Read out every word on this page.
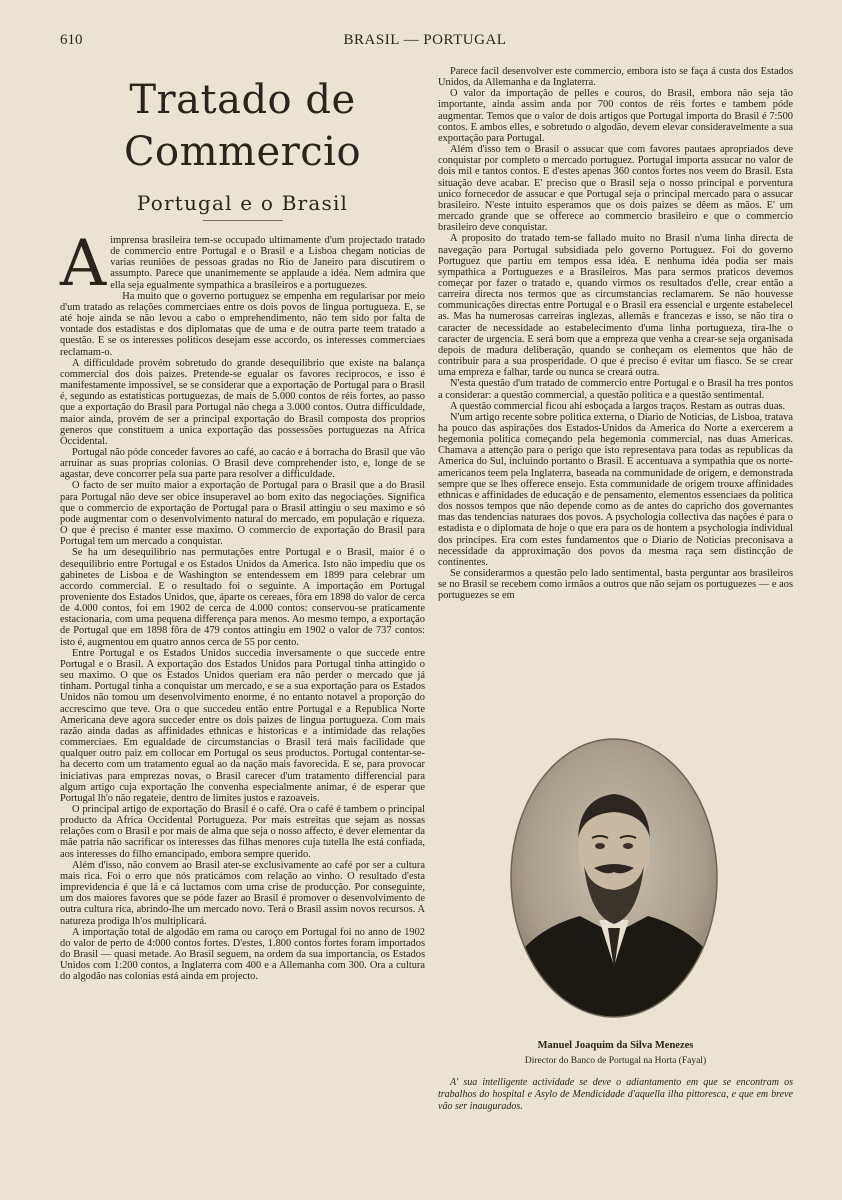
610	BRASIL — PORTUGAL
Tratado de Commercio
Portugal e o Brasil

Aimprensa brasileira tem-se occupado ultimamente d'um projectado tratado de commercio entre Portugal e o Brasil e a Lisboa chegam noticias de varias reuniões de pessoas gradas no Rio de Janeiro para discutirem o assumpto. Parece que unanimemente se applaude a idéa. Nem admira que ella seja egualmente sympathica a brasileiros e a portuguezes.

Ha muito que o governo portuguez se empenha em regularisar por meio d'um tratado as relações commerciaes entre os dois povos de lingua portugueza. E, se até hoje ainda se não levou a cabo o emprehendimento, não tem sido por falta de vontade dos estadistas e dos diplomatas que de uma e de outra parte teem tratado a questão. E se os interesses politicos desejam esse accordo, os interesses commerciaes reclamam-o.

A difficuldade provém sobretudo do grande desequilibrio que existe na balança commercial dos dois paizes. Pretende-se egualar os favores reciprocos, e isso é manifestamente impossivel, se se considerar que a exportação de Portugal para o Brasil é, segundo as estatisticas portuguezas, de mais de 5.000 contos de réis fortes, ao passo que a exportação do Brasil para Portugal não chega a 3.000 contos. Outra difficuldade, maior ainda, provém de ser a principal exportação do Brasil composta dos proprios generos que constituem a unica exportação das possessões portuguezas na Africa Occidental.

Portugal não póde conceder favores ao café, ao cacáo e á borracha do Brasil que vão arruinar as suas proprias colonias. O Brasil deve comprehender isto, e, longe de se agastar, deve concorrer pela sua parte para resolver a difficuldade.

O facto de ser muito maior a exportação de Portugal para o Brasil que a do Brasil para Portugal não deve ser obice insuperavel ao bom exito das negociações. Significa que o commercio de exportação de Portugal para o Brasil attingiu o seu maximo e só pode augmentar com o desenvolvimento natural do mercado, em população e riqueza. O que é preciso é manter esse maximo. O commercio de exportação do Brasil para Portugal tem um mercado a conquistar.

Se ha um desequilibrio nas permutações entre Portugal e o Brasil, maior é o desequilibrio entre Portugal e os Estados Unidos da America. Isto não impediu que os gabinetes de Lisboa e de Washington se entendessem em 1899 para celebrar um accordo commercial. E o resultado foi o seguinte. A importação em Portugal proveniente dos Estados Unidos, que, áparte os cereaes, fôra em 1898 do valor de cerca de 4.000 contos, foi em 1902 de cerca de 4.000 contos: conservou-se praticamente estacionaria, com uma pequena differença para menos. Ao mesmo tempo, a exportação de Portugal que em 1898 fôra de 479 contos attingiu em 1902 o valor de 737 contos: isto é, augmentou em quatro annos cerca de 55 por cento.

Entre Portugal e os Estados Unidos succedia inversamente o que succede entre Portugal e o Brasil. A exportação dos Estados Unidos para Portugal tinha attingido o seu maximo. O que os Estados Unidos queriam era não perder o mercado que já tinham. Portugal tinha a conquistar um mercado, e se a sua exportação para os Estados Unidos não tomou um desenvolvimento enorme, é no entanto notavel a proporção do accrescimo que teve. Ora o que succedeu então entre Portugal e a Republica Norte Americana deve agora succeder entre os dois paizes de lingua portugueza. Com mais razão ainda dadas as affinidades ethnicas e historicas e a intimidade das relações commerciaes. Em egualdade de circumstancias o Brasil terá mais facilidade que qualquer outro paiz em collocar em Portugal os seus productos. Portugal contentar-se-ha decerto com um tratamento egual ao da nação mais favorecida. E se, para provocar iniciativas para emprezas novas, o Brasil carecer d'um tratamento differencial para algum artigo cuja exportação lhe convenha especialmente animar, é de esperar que Portugal lh'o não regateie, dentro de limites justos e razoaveis.

O principal artigo de exportação do Brasil é o café. Ora o café é tambem o principal producto da Africa Occidental Portugueza. Por mais estreitas que sejam as nossas relações com o Brasil e por mais de alma que seja o nosso affecto, é dever elementar da mãe patria não sacrificar os interesses das filhas menores cuja tutella lhe está confiada, aos interesses do filho emancipado, embora sempre querido.

Além d'isso, não convem ao Brasil ater-se exclusivamente ao café por ser a cultura mais rica. Foi o erro que nós praticámos com relação ao vinho. O resultado d'esta imprevidencia é que lá e cá luctamos com uma crise de producção. Por conseguinte, um dos maiores favores que se póde fazer ao Brasil é promover o desenvolvimento de outra cultura rica, abrindo-lhe um mercado novo. Terá o Brasil assim novos recursos. A natureza prodiga lh'os multiplicará.

A importação total de algodão em rama ou caroço em Portugal foi no anno de 1902 do valor de perto de 4:000 contos fortes. D'estes, 1.800 contos fortes foram importados do Brasil — quasi metade. Ao Brasil seguem, na ordem da sua importancia, os Estados Unidos com 1:200 contos, a Inglaterra com 400 e a Allemanha com 300. Ora a cultura do algodão nas colonias está ainda em projecto.

Parece facil desenvolver este commercio, embora isto se faça á custa dos Estados Unidos, da Allemanha e da Inglaterra.

O valor da importação de pelles e couros, do Brasil, embora não seja tão importante, ainda assim anda por 700 contos de réis fortes e tambem póde augmentar. Temos que o valor de dois artigos que Portugal importa do Brasil é 7:500 contos. E ambos elles, e sobretudo o algodão, devem elevar consideravelmente a sua exportação para Portugal.

Além d'isso tem o Brasil o assucar que com favores pautaes apropriados deve conquistar por completo o mercado portuguez. Portugal importa assucar no valor de dois mil e tantos contos. E d'estes apenas 360 contos fortes nos veem do Brasil. Esta situação deve acabar. E' preciso que o Brasil seja o nosso principal e porventura unico fornecedor de assucar e que Portugal seja o principal mercado para o assucar brasileiro. N'este intuito esperamos que os dois paizes se dêem as mãos. E' um mercado grande que se offerece ao commercio brasileiro e que o commercio brasileiro deve conquistar.

A proposito do tratado tem-se fallado muito no Brasil n'uma linha directa de navegação para Portugal subsidiada pelo governo Portuguez. Foi do governo Portuguez que partiu em tempos essa idéa. E nenhuma idéa podia ser mais sympathica a Portuguezes e a Brasileiros. Mas para sermos praticos devemos começar por fazer o tratado e, quando virmos os resultados d'elle, crear então a carreira directa nos termos que as circumstancias reclamarem. Se não houvesse communicações directas entre Portugal e o Brasil era essencial e urgente estabelecel as. Mas ha numerosas carreiras inglezas, allemãs e francezas e isso, se não tira o caracter de necessidade ao estabelecimento d'uma linha portugueza, tira-lhe o caracter de urgencia. E será bom que a empreza que venha a crear-se seja organisada depois de madura deliberação, quando se conheçam os elementos que hão de contribuir para a sua prosperidade. O que é preciso é evitar um fiasco. Se se crear uma empreza e falhar, tarde ou nunca se creará outra.

N'esta questão d'um tratado de commercio entre Portugal e o Brasil ha tres pontos a considerar: a questão commercial, a questão politica e a questão sentimental.

A questão commercial ficou ahi esboçada a largos traços. Restam as outras duas.

N'um artigo recente sobre politica externa, o Diario de Noticias, de Lisboa, tratava ha pouco das aspirações dos Estados-Unidos da America do Norte a exercerem a hegemonia politica começando pela hegemonia commercial, nas duas Americas. Chamava a attenção para o perigo que isto representava para todas as republicas da America do Sul, incluindo portanto o Brasil. E accentuava a sympathia que os norte-americanos teem pela Inglaterra, baseada na communidade de origem, e demonstrada sempre que se lhes offerece ensejo. Esta communidade de origem trouxe affinidades ethnicas e affinidades de educação e de pensamento, elementos essenciaes da politica dos nossos tempos que não depende como as de antes do capricho dos governantes mas das tendencias naturaes dos povos. A psychologia collectiva das nações é para o estadista e o diplomata de hoje o que era para os de hontem a psychologia individual dos principes. Era com estes fundamentos que o Diario de Noticias preconisava a necessidade da approximação dos povos da mesma raça sem distincção de continentes.

Se considerarmos a questão pelo lado sentimental, basta perguntar aos brasileiros se no Brasil se recebem como irmãos a outros que não sejam os portuguezes — e aos portuguezes se em

Manuel Joaquim da Silva Menezes
Director do Banco de Portugal na Horta (Fayal)
A' sua intelligente actividade se deve o adiantamento em que se encontram os trabalhos do hospital e Asylo de Mendicidade d'aquella ilha pittoresca, e que em breve vão ser inaugurados.
